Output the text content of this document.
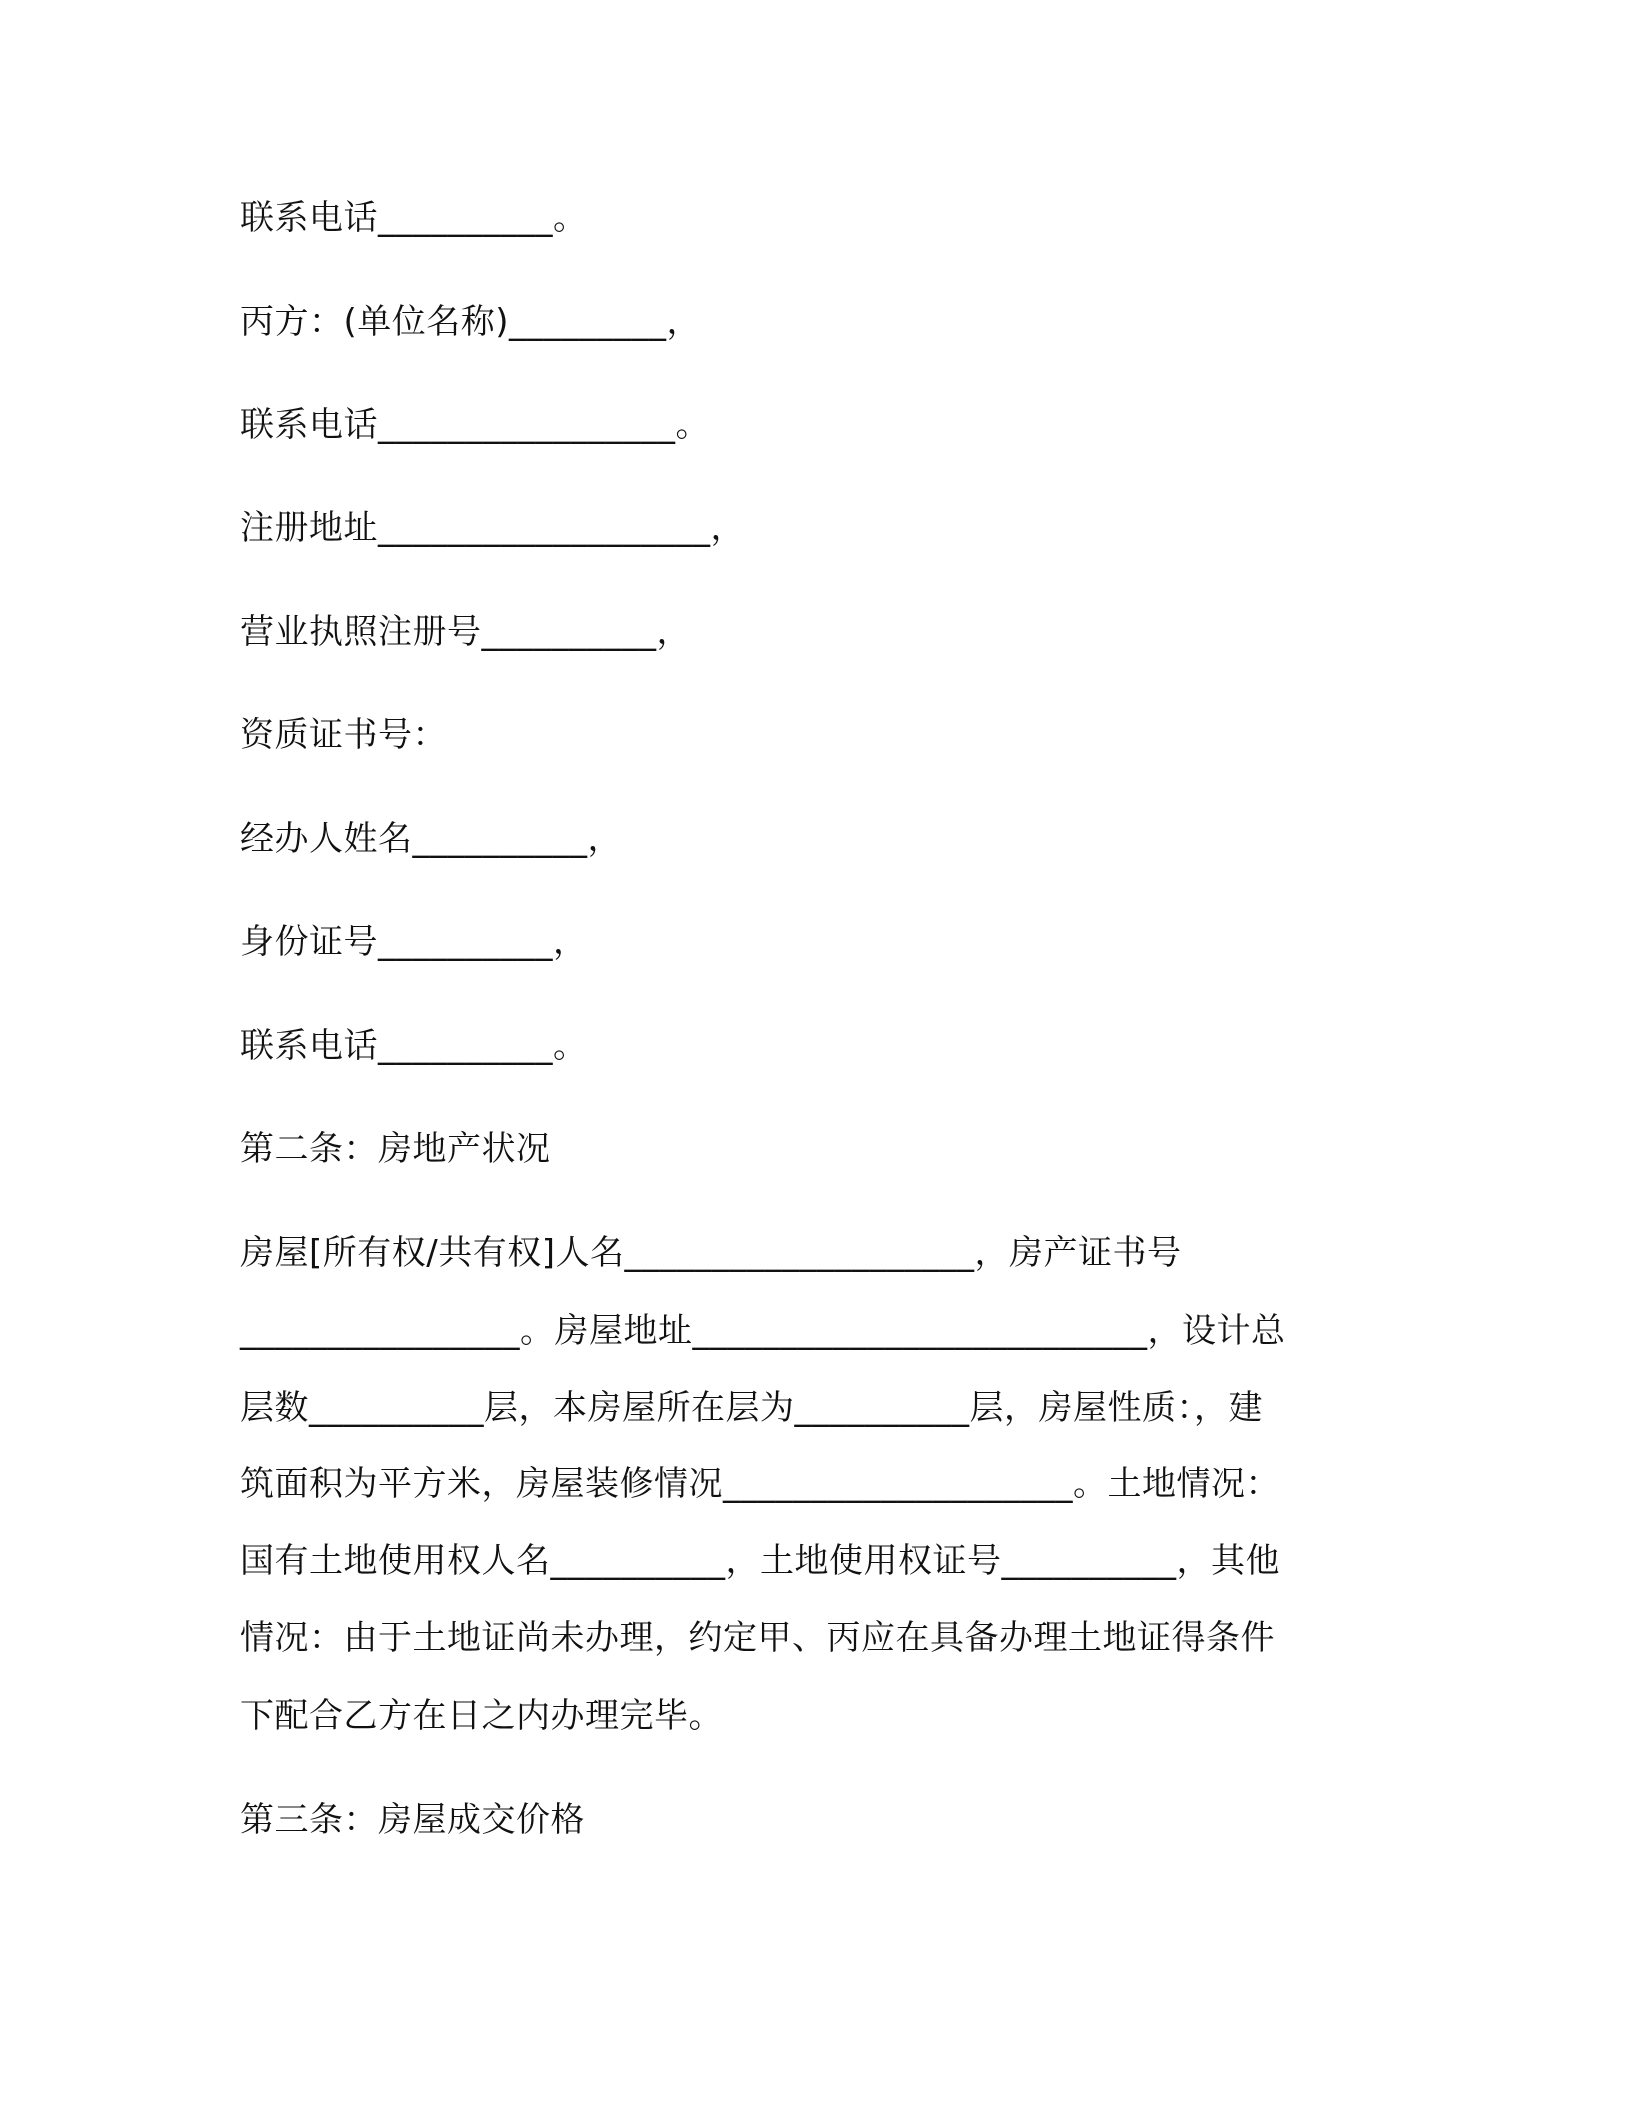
联系电话__________。
丙方：(单位名称)_________，
联系电话_________________。
注册地址___________________，
营业执照注册号__________，
资质证书号：
经办人姓名__________，
身份证号__________，
联系电话__________。
第二条：房地产状况
房屋[所有权/共有权]人名____________________，房产证书号
________________。房屋地址__________________________，设计总
层数__________层，本房屋所在层为__________层，房屋性质：，建
筑面积为平方米，房屋装修情况____________________。土地情况：
国有土地使用权人名__________，土地使用权证号__________，其他
情况：由于土地证尚未办理，约定甲、丙应在具备办理土地证得条件
下配合乙方在日之内办理完毕。
第三条：房屋成交价格
